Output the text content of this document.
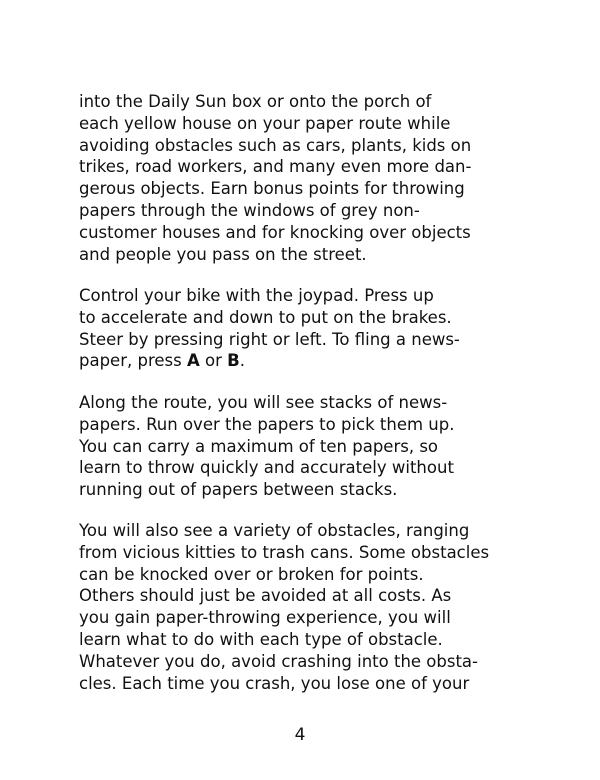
into the Daily Sun box or onto the porch of
each yellow house on your paper route while
avoiding obstacles such as cars, plants, kids on
trikes, road workers, and many even more dan-
gerous objects. Earn bonus points for throwing
papers through the windows of grey non-
customer houses and for knocking over objects
and people you pass on the street.
Control your bike with the joypad. Press up
to accelerate and down to put on the brakes.
Steer by pressing right or left. To fling a news-
paper, press A or B.
Along the route, you will see stacks of news-
papers. Run over the papers to pick them up.
You can carry a maximum of ten papers, so
learn to throw quickly and accurately without
running out of papers between stacks.
You will also see a variety of obstacles, ranging
from vicious kitties to trash cans. Some obstacles
can be knocked over or broken for points.
Others should just be avoided at all costs. As
you gain paper-throwing experience, you will
learn what to do with each type of obstacle.
Whatever you do, avoid crashing into the obsta-
cles. Each time you crash, you lose one of your
4
